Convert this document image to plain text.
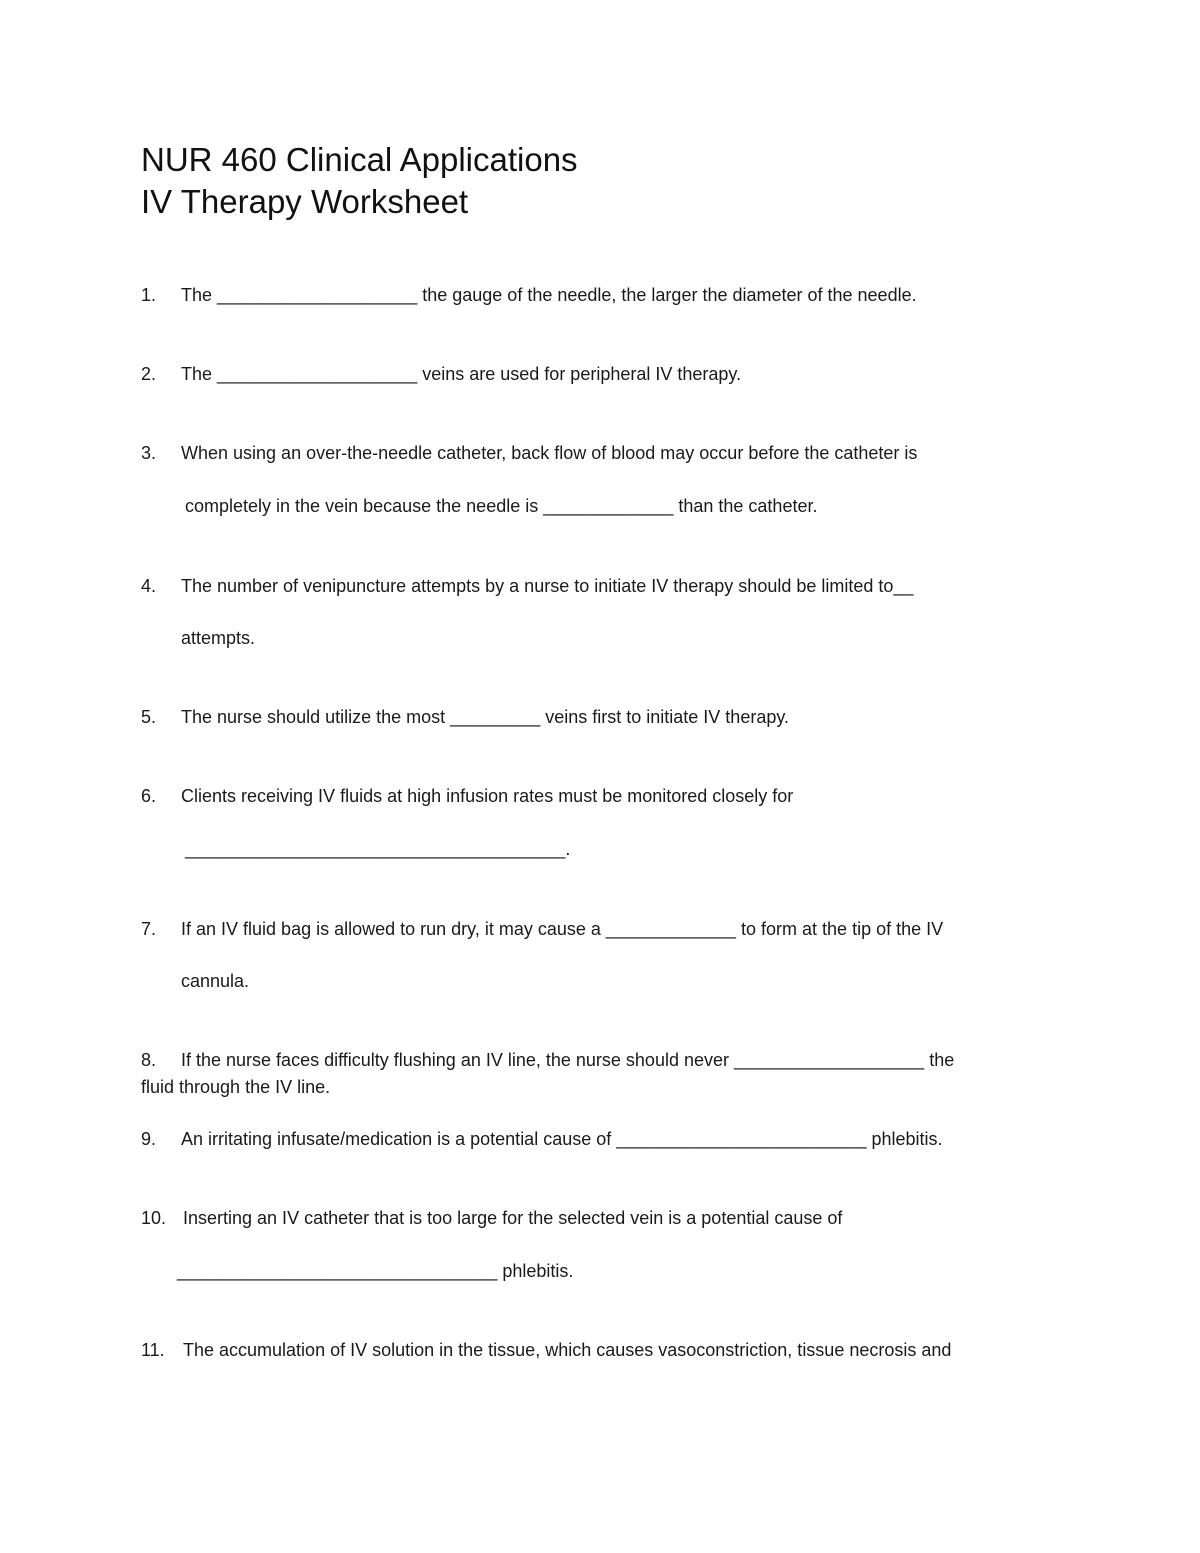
NUR 460 Clinical Applications
IV Therapy Worksheet
1. The ____________________ the gauge of the needle, the larger the diameter of the needle.
2. The ____________________ veins are used for peripheral IV therapy.
3. When using an over-the-needle catheter, back flow of blood may occur before the catheter is
completely in the vein because the needle is _____________ than the catheter.
4. The number of venipuncture attempts by a nurse to initiate IV therapy should be limited to__
attempts.
5. The nurse should utilize the most _________ veins first to initiate IV therapy.
6. Clients receiving IV fluids at high infusion rates must be monitored closely for
______________________________________.
7. If an IV fluid bag is allowed to run dry, it may cause a _____________ to form at the tip of the IV
cannula.
8. If the nurse faces difficulty flushing an IV line, the nurse should never ___________________ the
fluid through the IV line.
9. An irritating infusate/medication is a potential cause of _________________________ phlebitis.
10. Inserting an IV catheter that is too large for the selected vein is a potential cause of
________________________________ phlebitis.
11. The accumulation of IV solution in the tissue, which causes vasoconstriction, tissue necrosis and
